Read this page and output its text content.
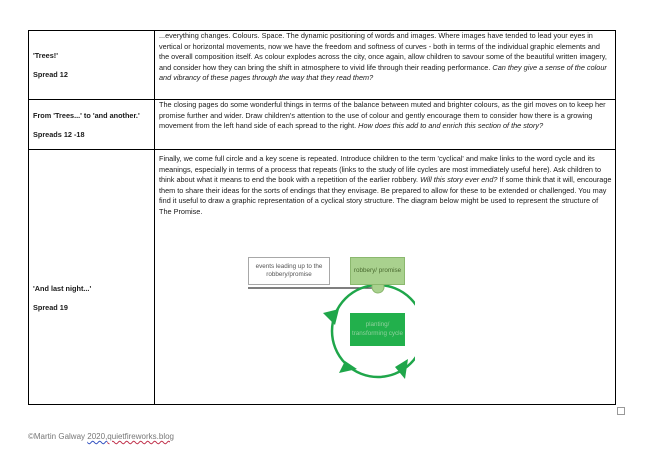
'Trees!'
Spread 12
...everything changes. Colours. Space. The dynamic positioning of words and images. Where images have tended to lead your eyes in vertical or horizontal movements, now we have the freedom and softness of curves - both in terms of the individual graphic elements and the overall composition itself. As colour explodes across the city, once again, allow children to savour some of the beautiful written imagery, and consider how they can bring the shift in atmosphere to vivid life through their reading performance. Can they give a sense of the colour and vibrancy of these pages through the way that they read them?
From 'Trees...' to 'and another.'
Spreads 12 -18
The closing pages do some wonderful things in terms of the balance between muted and brighter colours, as the girl moves on to keep her promise further and wider. Draw children's attention to the use of colour and gently encourage them to consider how there is a growing movement from the left hand side of each spread to the right. How does this add to and enrich this section of the story?
'And last night...'
Spread 19
Finally, we come full circle and a key scene is repeated. Introduce children to the term 'cyclical' and make links to the word cycle and its meanings, especially in terms of a process that repeats (links to the study of life cycles are most immediately useful here). Ask children to think about what it means to end the book with a repetition of the earlier robbery. Will this story ever end? If some think that it will, encourage them to share their ideas for the sorts of endings that they envisage. Be prepared to allow for these to be extended or challenged. You may find it useful to draw a graphic representation of a cyclical story structure. The diagram below might be used to represent the structure of The Promise.
events leading up to the robbery/promise
robbery/ promise
planting/ transforming cycle
©Martin Galway 2020,quietfireworks.blog
